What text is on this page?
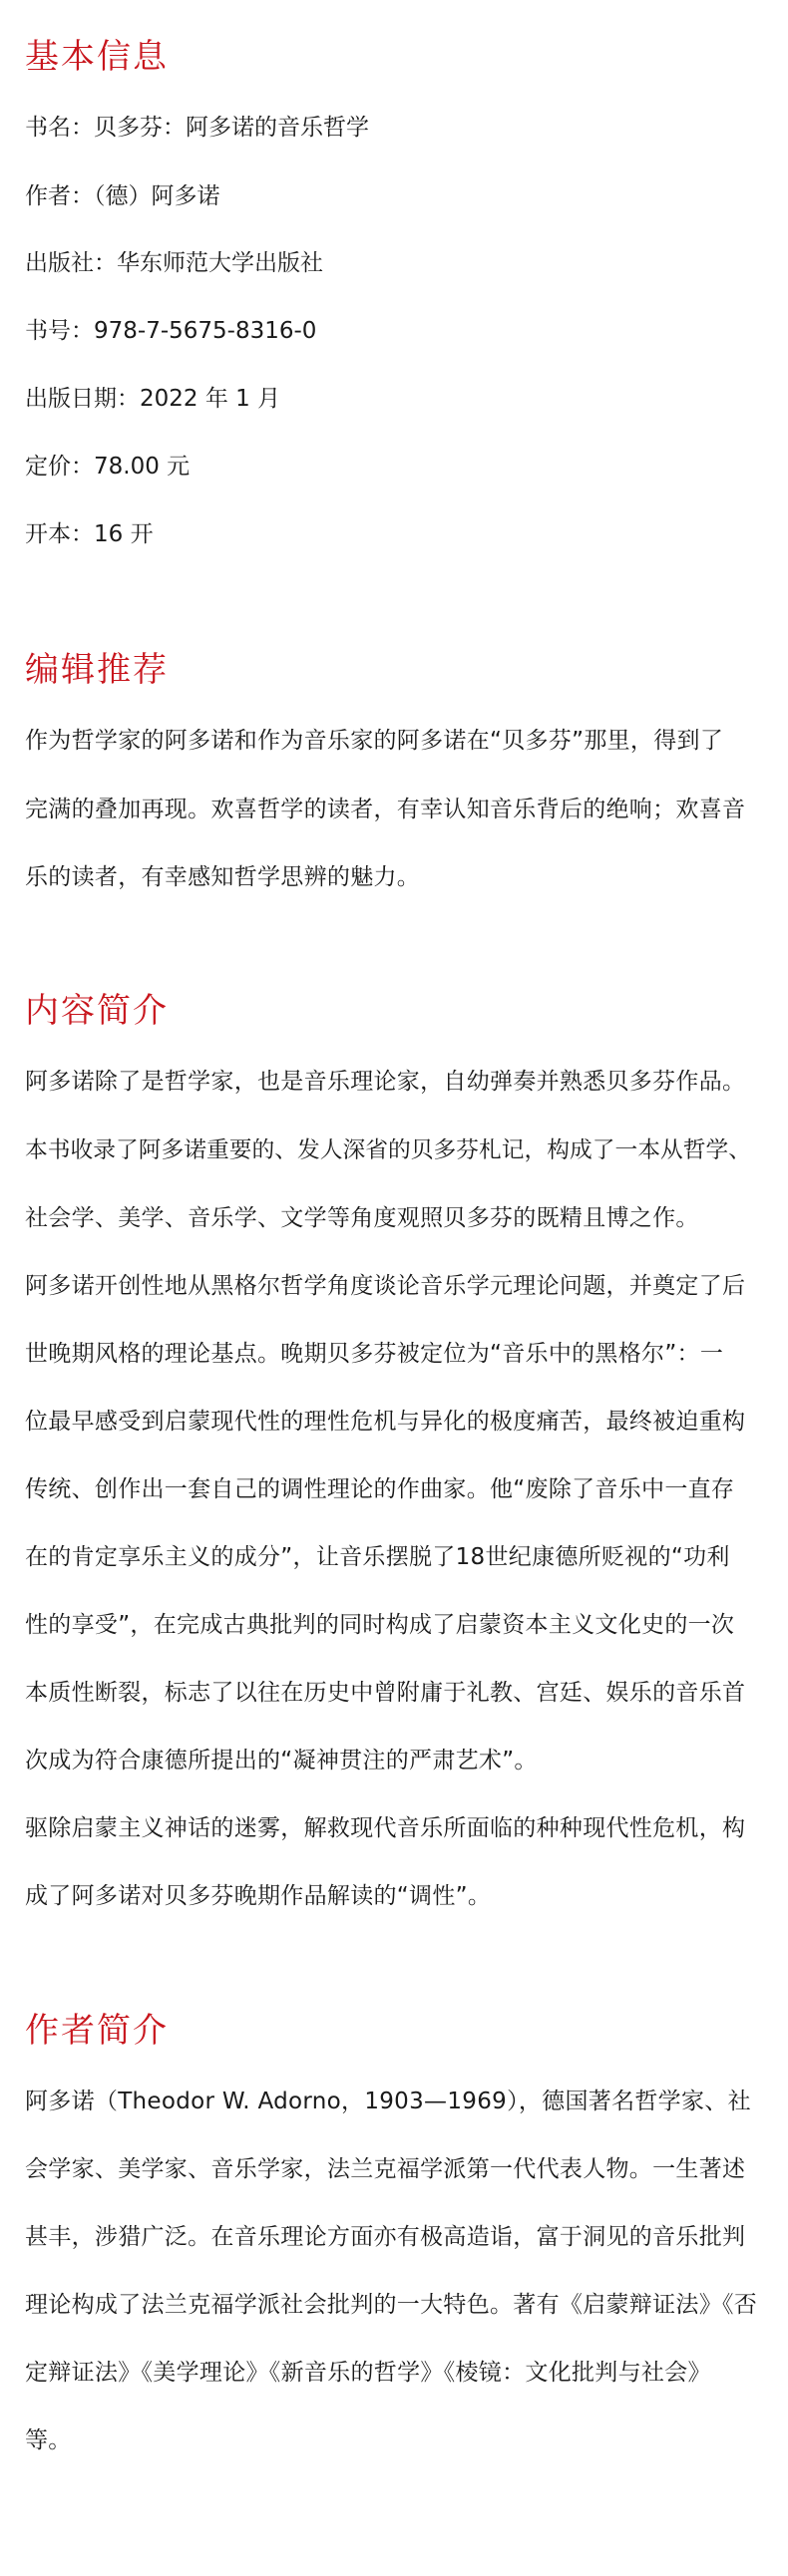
基本信息

书名：贝多芬：阿多诺的音乐哲学

作者：（德）阿多诺

出版社：华东师范大学出版社

书号：978-7-5675-8316-0

出版日期：2022 年 1 月

定价：78.00 元

开本：16 开

编辑推荐

作为哲学家的阿多诺和作为音乐家的阿多诺在“贝多芬”那里，得到了

完满的叠加再现。欢喜哲学的读者，有幸认知音乐背后的绝响；欢喜音

乐的读者，有幸感知哲学思辨的魅力。

内容简介

阿多诺除了是哲学家，也是音乐理论家，自幼弹奏并熟悉贝多芬作品。

本书收录了阿多诺重要的、发人深省的贝多芬札记，构成了一本从哲学、

社会学、美学、音乐学、文学等角度观照贝多芬的既精且博之作。

阿多诺开创性地从黑格尔哲学角度谈论音乐学元理论问题，并奠定了后

世晚期风格的理论基点。晚期贝多芬被定位为“音乐中的黑格尔”：一

位最早感受到启蒙现代性的理性危机与异化的极度痛苦，最终被迫重构

传统、创作出一套自己的调性理论的作曲家。他“废除了音乐中一直存

在的肯定享乐主义的成分”，让音乐摆脱了18世纪康德所贬视的“功利

性的享受”，在完成古典批判的同时构成了启蒙资本主义文化史的一次

本质性断裂，标志了以往在历史中曾附庸于礼教、宫廷、娱乐的音乐首

次成为符合康德所提出的“凝神贯注的严肃艺术”。

驱除启蒙主义神话的迷雾，解救现代音乐所面临的种种现代性危机，构

成了阿多诺对贝多芬晚期作品解读的“调性”。

作者简介

阿多诺（Theodor W. Adorno，1903—1969），德国著名哲学家、社

会学家、美学家、音乐学家，法兰克福学派第一代代表人物。一生著述

甚丰，涉猎广泛。在音乐理论方面亦有极高造诣，富于洞见的音乐批判

理论构成了法兰克福学派社会批判的一大特色。著有《启蒙辩证法》《否

定辩证法》《美学理论》《新音乐的哲学》《棱镜：文化批判与社会》

等。
